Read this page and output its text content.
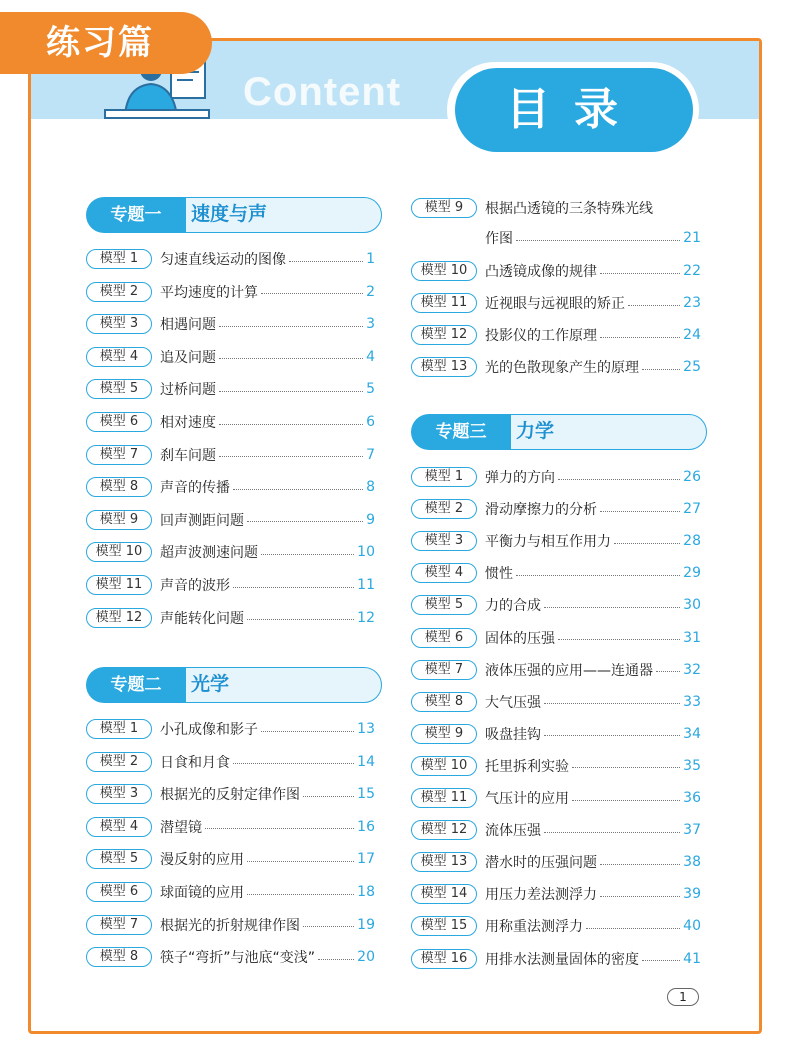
Content	目录
练习篇
专题一	速度与声
专题二	光学
专题三	力学
模型 1	匀速直线运动的图像	1
模型 2	平均速度的计算	2
模型 3	相遇问题	3
模型 4	追及问题	4
模型 5	过桥问题	5
模型 6	相对速度	6
模型 7	刹车问题	7
模型 8	声音的传播	8
模型 9	回声测距问题	9
模型 10	超声波测速问题	10
模型 11	声音的波形	11
模型 12	声能转化问题	12
模型 1	小孔成像和影子	13
模型 2	日食和月食	14
模型 3	根据光的反射定律作图	15
模型 4	潜望镜	16
模型 5	漫反射的应用	17
模型 6	球面镜的应用	18
模型 7	根据光的折射规律作图	19
模型 8	筷子“弯折”与池底“变浅”	20
模型 9	根据凸透镜的三条特殊光线
作图	21
模型 10	凸透镜成像的规律	22
模型 11	近视眼与远视眼的矫正	23
模型 12	投影仪的工作原理	24
模型 13	光的色散现象产生的原理	25
模型 1	弹力的方向	26
模型 2	滑动摩擦力的分析	27
模型 3	平衡力与相互作用力	28
模型 4	惯性	29
模型 5	力的合成	30
模型 6	固体的压强	31
模型 7	液体压强的应用——连通器 32
模型 8	大气压强	33
模型 9	吸盘挂钩	34
模型 10	托里拆利实验	35
模型 11	气压计的应用	36
模型 12	流体压强	37
模型 13	潜水时的压强问题	38
模型 14	用压力差法测浮力	39
模型 15	用称重法测浮力	40
模型 16	用排水法测量固体的密度	41
1
